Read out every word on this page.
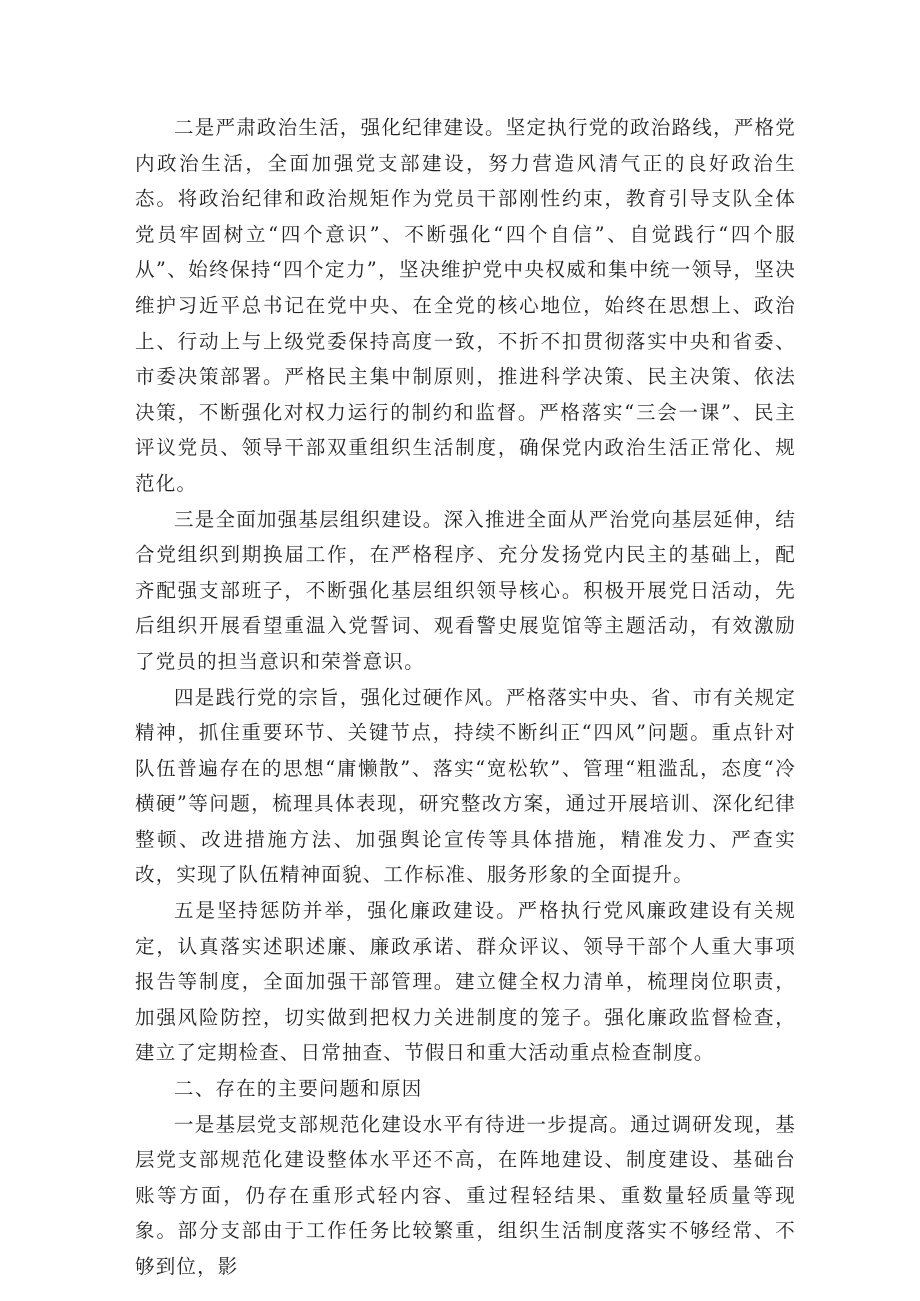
二是严肃政治生活，强化纪律建设。坚定执行党的政治路线，严格党内政治生活，全面加强党支部建设，努力营造风清气正的良好政治生态。将政治纪律和政治规矩作为党员干部刚性约束，教育引导支队全体党员牢固树立“四个意识”、不断强化“四个自信”、自觉践行“四个服从”、始终保持“四个定力”，坚决维护党中央权威和集中统一领导，坚决维护习近平总书记在党中央、在全党的核心地位，始终在思想上、政治上、行动上与上级党委保持高度一致，不折不扣贯彻落实中央和省委、市委决策部署。严格民主集中制原则，推进科学决策、民主决策、依法决策，不断强化对权力运行的制约和监督。严格落实“三会一课”、民主评议党员、领导干部双重组织生活制度，确保党内政治生活正常化、规范化。

三是全面加强基层组织建设。深入推进全面从严治党向基层延伸，结合党组织到期换届工作，在严格程序、充分发扬党内民主的基础上，配齐配强支部班子，不断强化基层组织领导核心。积极开展党日活动，先后组织开展看望重温入党誓词、观看警史展览馆等主题活动，有效激励了党员的担当意识和荣誉意识。

四是践行党的宗旨，强化过硬作风。严格落实中央、省、市有关规定精神，抓住重要环节、关键节点，持续不断纠正“四风”问题。重点针对队伍普遍存在的思想“庸懒散”、落实“宽松软”、管理“粗滥乱，态度“冷横硬”等问题，梳理具体表现，研究整改方案，通过开展培训、深化纪律整顿、改进措施方法、加强舆论宣传等具体措施，精准发力、严查实改，实现了队伍精神面貌、工作标准、服务形象的全面提升。

五是坚持惩防并举，强化廉政建设。严格执行党风廉政建设有关规定，认真落实述职述廉、廉政承诺、群众评议、领导干部个人重大事项报告等制度，全面加强干部管理。建立健全权力清单，梳理岗位职责，加强风险防控，切实做到把权力关进制度的笼子。强化廉政监督检查，建立了定期检查、日常抽查、节假日和重大活动重点检查制度。

二、存在的主要问题和原因

一是基层党支部规范化建设水平有待进一步提高。通过调研发现，基层党支部规范化建设整体水平还不高，在阵地建设、制度建设、基础台账等方面，仍存在重形式轻内容、重过程轻结果、重数量轻质量等现象。部分支部由于工作任务比较繁重，组织生活制度落实不够经常、不够到位，影
